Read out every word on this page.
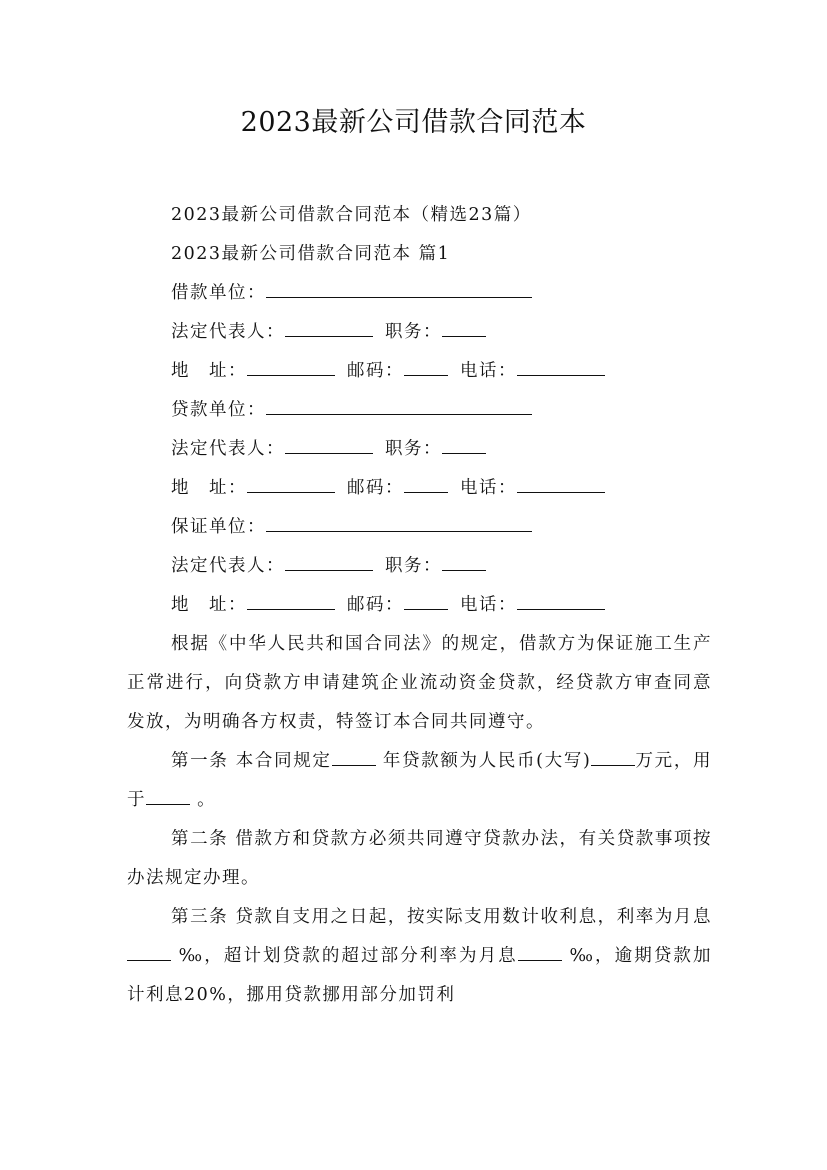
2023最新公司借款合同范本
2023最新公司借款合同范本（精选23篇）
2023最新公司借款合同范本 篇1
借款单位：
法定代表人：	职务：
地　址：	邮码：	电话：
贷款单位：
法定代表人：	职务：
地　址：	邮码：	电话：
保证单位：
法定代表人：	职务：
地　址：	邮码：	电话：

根据《中华人民共和国合同法》的规定，借款方为保证施工生产正常进行，向贷款方申请建筑企业流动资金贷款，经贷款方审查同意发放，为明确各方权责，特签订本合同共同遵守。

第一条 本合同规定	年贷款额为人民币(大写)	万元，用于	。

第二条 借款方和贷款方必须共同遵守贷款办法，有关贷款事项按办法规定办理。

第三条 贷款自支用之日起，按实际支用数计收利息，利率为月息 ‰，超计划贷款的超过部分利率为月息	‰，逾期贷款加计利息20%，挪用贷款挪用部分加罚利
